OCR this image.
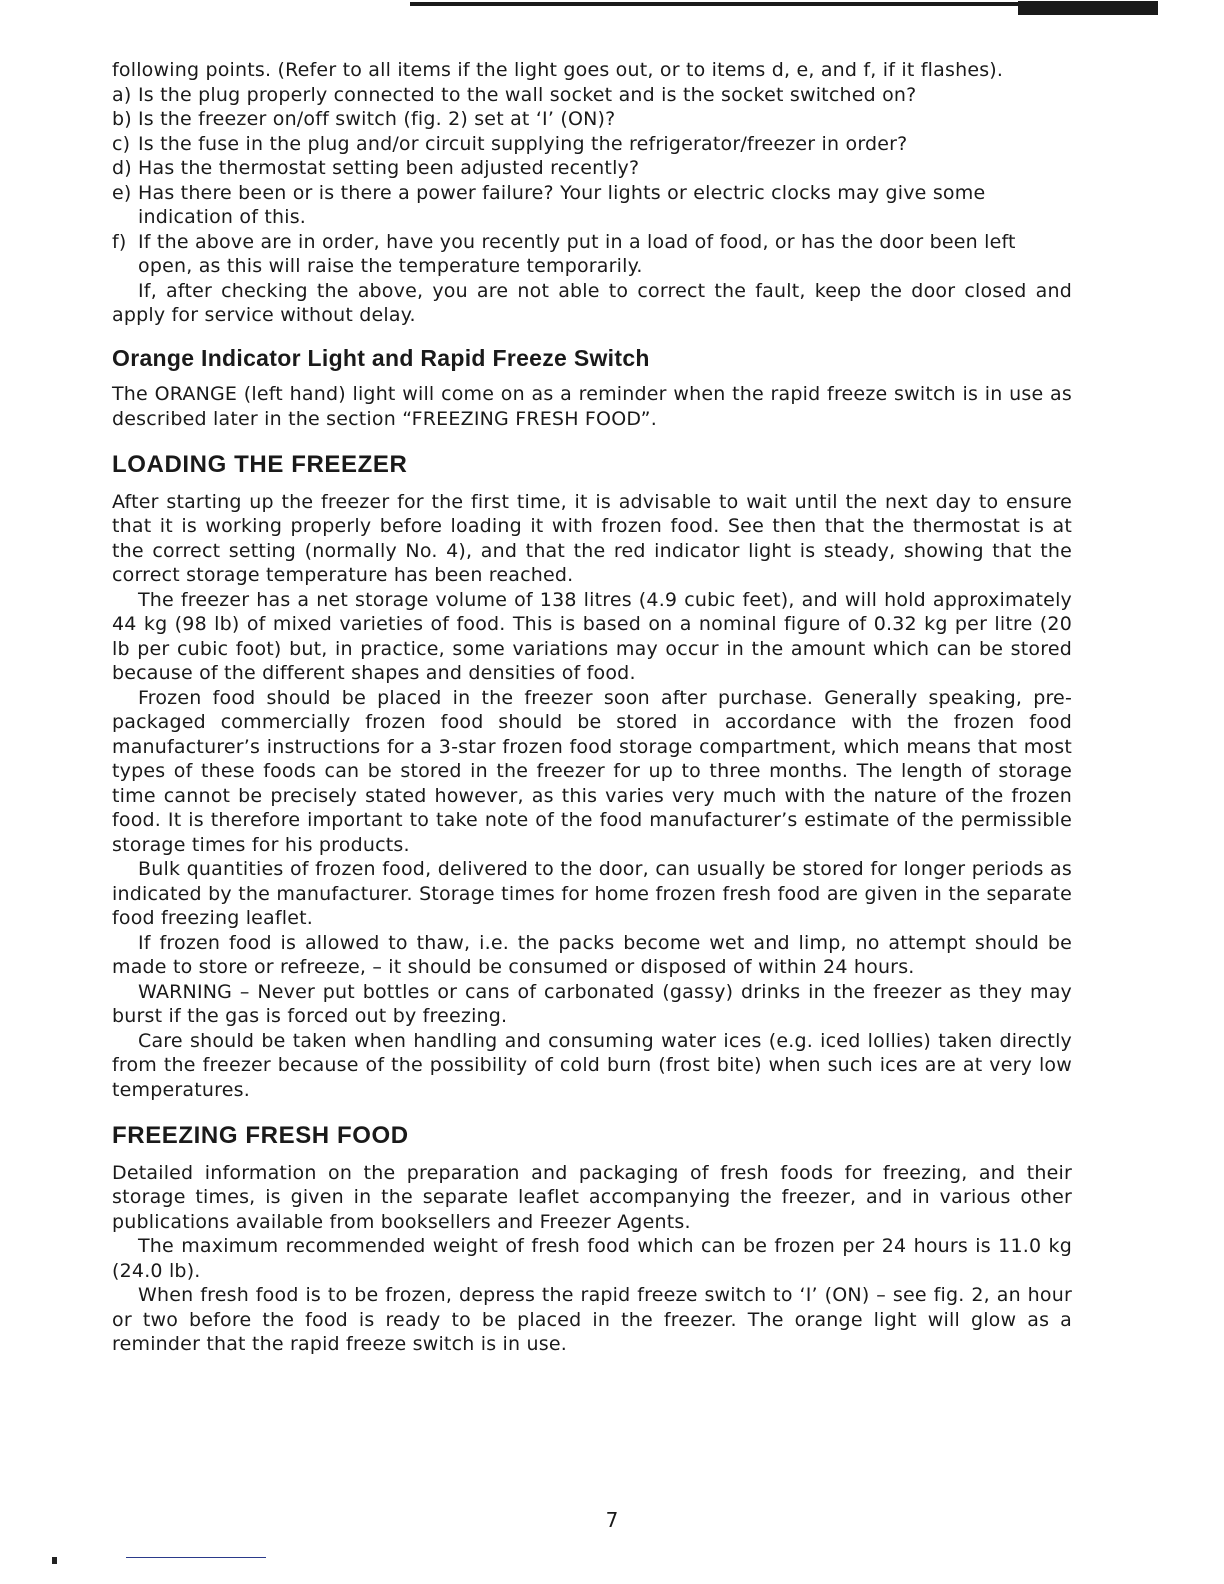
following points. (Refer to all items if the light goes out, or to items d, e, and f, if it flashes).

a) Is the plug properly connected to the wall socket and is the socket switched on?
b) Is the freezer on/off switch (fig. 2) set at ‘I’ (ON)?
c) Is the fuse in the plug and/or circuit supplying the refrigerator/freezer in order?
d) Has the thermostat setting been adjusted recently?
e) Has there been or is there a power failure? Your lights or electric clocks may give some indication of this.
f) If the above are in order, have you recently put in a load of food, or has the door been left open, as this will raise the temperature temporarily.

If, after checking the above, you are not able to correct the fault, keep the door closed and apply for service without delay.

Orange Indicator Light and Rapid Freeze Switch

The ORANGE (left hand) light will come on as a reminder when the rapid freeze switch is in use as described later in the section “FREEZING FRESH FOOD”.

LOADING THE FREEZER

After starting up the freezer for the first time, it is advisable to wait until the next day to ensure that it is working properly before loading it with frozen food. See then that the thermostat is at the correct setting (normally No. 4), and that the red indicator light is steady, showing that the correct storage temperature has been reached.

The freezer has a net storage volume of 138 litres (4.9 cubic feet), and will hold approximately 44 kg (98 lb) of mixed varieties of food. This is based on a nominal figure of 0.32 kg per litre (20 lb per cubic foot) but, in practice, some variations may occur in the amount which can be stored because of the different shapes and densities of food.

Frozen food should be placed in the freezer soon after purchase. Generally speaking, pre-packaged commercially frozen food should be stored in accordance with the frozen food manufacturer’s instructions for a 3-star frozen food storage compartment, which means that most types of these foods can be stored in the freezer for up to three months. The length of storage time cannot be precisely stated however, as this varies very much with the nature of the frozen food. It is therefore important to take note of the food manufacturer’s estimate of the permissible storage times for his products.

Bulk quantities of frozen food, delivered to the door, can usually be stored for longer periods as indicated by the manufacturer. Storage times for home frozen fresh food are given in the separate food freezing leaflet.

If frozen food is allowed to thaw, i.e. the packs become wet and limp, no attempt should be made to store or refreeze, – it should be consumed or disposed of within 24 hours.

WARNING – Never put bottles or cans of carbonated (gassy) drinks in the freezer as they may burst if the gas is forced out by freezing.

Care should be taken when handling and consuming water ices (e.g. iced lollies) taken directly from the freezer because of the possibility of cold burn (frost bite) when such ices are at very low temperatures.

FREEZING FRESH FOOD

Detailed information on the preparation and packaging of fresh foods for freezing, and their storage times, is given in the separate leaflet accompanying the freezer, and in various other publications available from booksellers and Freezer Agents.

The maximum recommended weight of fresh food which can be frozen per 24 hours is 11.0 kg (24.0 lb).

When fresh food is to be frozen, depress the rapid freeze switch to ‘I’ (ON) – see fig. 2, an hour or two before the food is ready to be placed in the freezer. The orange light will glow as a reminder that the rapid freeze switch is in use.

7
